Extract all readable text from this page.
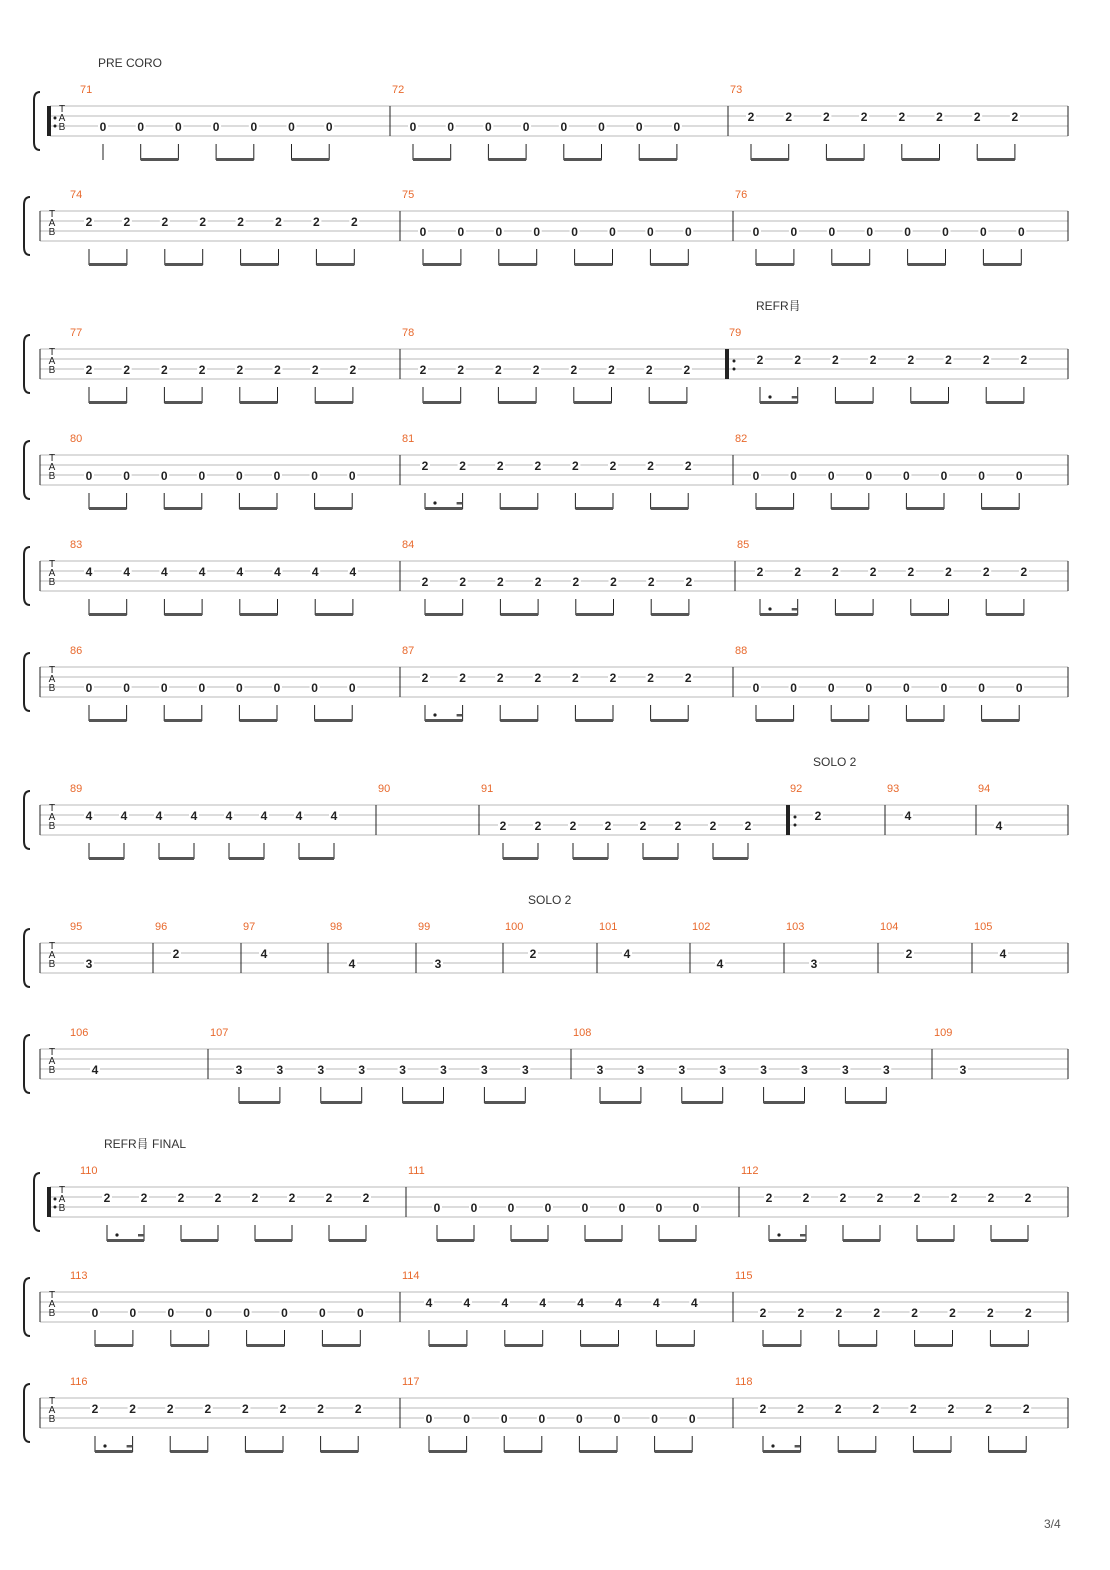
T
A
B
PRE CORO
71
0	0	0	0	0	0	0
72
0	0	0	0	0	0	0	0
73
2	2	2	2	2	2	2	2
T
A
B
74
2	2	2	2	2	2	2	2
75
0	0	0	0	0	0	0	0
76
0	0	0	0	0	0	0	0
T
A
B
77
2	2	2	2	2	2	2	2
78
2	2	2	2	2	2	2	2
79
REFR肙
2	2	2	2	2	2	2	2
T
A
B
80
0	0	0	0	0	0	0	0
81
2	2	2	2	2	2	2	2
82
0	0	0	0	0	0	0	0
T
A
B
83
4	4	4	4	4	4	4	4
84
2	2	2	2	2	2	2	2
85
2	2	2	2	2	2	2	2
T
A
B
86
0	0	0	0	0	0	0	0
87
2	2	2	2	2	2	2	2
88
0	0	0	0	0	0	0	0
T
A
B
89
4 4 4 4 4 4 4 4
90	91
2 2 2 2 2 2 2 2
92
SOLO 2
2
93
4
94
4
T
A
B
SOLO 2
95
3
96
2
97
4
98
4
99
3
100
2
101
4
102
4
103
3
104
2
105
4
T
A
B
106
4
107
3	3	3	3	3	3	3	3
108
3	3	3	3	3	3	3	3
109
3
T
A
B
REFR肙 FINAL
110
2	2	2	2	2	2	2	2
111
0	0	0	0	0	0	0	0
112
2	2	2	2	2	2	2	2
T
A
B
113
0	0	0	0	0	0	0	0
114
4	4	4	4	4	4	4	4
115
2	2	2	2	2	2	2	2
T
A
B
116
2	2	2	2	2	2	2	2
117
0	0	0	0	0	0	0	0
118
2	2	2	2	2	2	2	2
3/4
